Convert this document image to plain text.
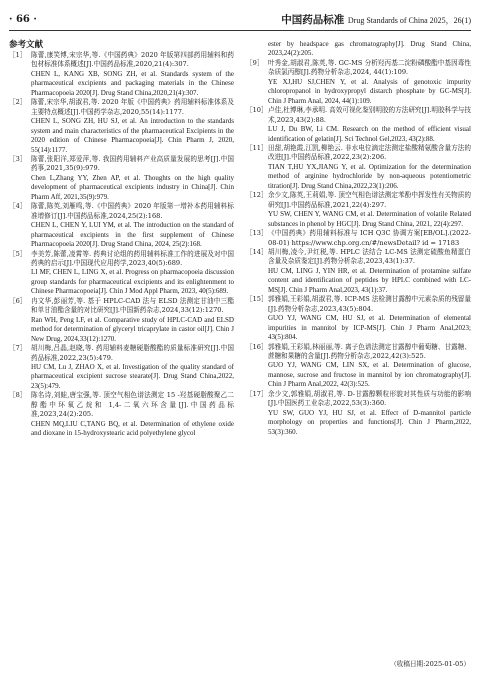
· 66 ·	中国药品标准 Drug Standards of China 2025，26(1)
参考文献
［1］ 陈蕾,康笑博,宋宗华,等.《中国药典》2020 年版第四部药用辅料和药包材标准体系概述[J].中国药品标准,2020,21(4):307.
CHEN L, KANG XB, SONG ZH, et al. Standards system of the pharmaceutical excipients and packaging materials in the Chinese Pharmacopoeia 2020[J]. Drug Stand China,2020,21(4):307.
［2］ 陈蕾,宋宗华,胡淑君,等. 2020 年版《中国药典》药用辅料标准体系及主要特点概述[J].中国药学杂志,2020,55(14):1177.
CHEN L, SONG ZH, HU SJ, et al. An introduction to the standards system and main characteristics of the pharmaceutical Excipients in the 2020 edition of Chinese Pharmacopoeia[J]. Chin Pharm J, 2020, 55(14):1177.
［3］ 陈蕾,张阳洋,郑爱萍,等. 我国药用辅料产业高质量发展的思考[J].中国药事,2021,35(9):979.
Chen L,Zhang YY, Zhen AP, et al. Thoughts on the high quality development of pharmaceutical excipients industry in China[J]. Chin Pharm Aff, 2021,35(9):979.
［4］ 陈蕾,陈英,刘雁鸣,等.《中国药典》2020 年版第一增补本药用辅料标准增修订[J].中国药品标准,2024,25(2):168.
CHEN L, CHEN Y, LUI YM, et al. The introduction on the standard of pharmaceutical excipients in the first supplement of Chinese Pharmacopoeia 2020[J]. Drug Stand China, 2024, 25(2):168.
［5］ 李美芳,陈蕾,凌霄等. 药典讨论组的药用辅料标准工作的进展及对中国药典的启示[J].中国现代应用药学,2023,40(5):689.
LI MF, CHEN L, LING X, et al. Progress on pharmacopoeia discussion group standards for pharmaceutical excipients and its enlightenment to Chinese Pharmacopoeia[J]. Chin J Mod Appl Pharm, 2023, 40(5):689.
［6］ 冉文华,彭丽芳,等. 基于 HPLC-CAD 法与 ELSD 法测定甘油中三酯和单甘油酯含量的对比研究[J].中国新药杂志,2024,33(12):1270.
Ran WH, Peng LF, et al. Comparative study of HPLC-CAD and ELSD method for determination of glyceryl tricaprylate in castor oil[J]. Chin J New Drug, 2024,33(12):1270.
［7］ 胡川梅,吕晶,赵晓,等. 药用辅料麦糖硬脂酸酯的质量标准研究[J].中国药品标准,2022,23(5):479.
HU CM, Lu J, ZHAO X, et al. Investigation of the quality standard of pharmaceutical excipient sucrose stearate[J]. Drug Stand China,2022, 23(5):479.
［8］ 陈名诗,刘蛙,唐宝强,等. 顶空气相色谱法测定 15 -羟基硬脂酸聚乙二醇酯中环氧乙烷和 1,4-二氧六环含量[J].中国药品标准,2023,24(2):205.
CHEN MQ,LIU C,TANG BQ, et al. Determination of ethylene oxide and dioxane in 15-hydroxystearic acid polyethylene glycol
ester by headspace gas chromatography[J]. Drug Stand China, 2023,24(2):205.
［9］ 叶秀金,胡淑君,陈英,等. GC-MS 分析羟丙基二淀粉磷酸酯中基因毒性杂质氯丙醇[J].药物分析杂志,2024, 44(1):109.
YE XJ,HU SJ,CHEN Y, et al. Analysis of genotoxic impurity chloropropanol in hydroxypropyl distarch phosphate by GC-MS[J]. Chin J Pharm Anal, 2024, 44(1):109.
［10］ 卢佳,杜博琳,李承明. 高效可视化鉴别明胶的方法研究[J].明胶科学与技术,2023,43(2):88.
LU J, Du BW, Li CM. Research on the method of efficient visual identification of gelatin[J]. Sci Technol Gel,2023, 43(2):88.
［11］ 田甜,胡艳霞,江凯,柳艳云. 非水电位滴定法测定盐酸精氨酸含量方法的改进[J].中国药品标准,2022,23(2):206.
TIAN T,HU YX,JIANG Y, et al. Optimization for the determination method of arginine hydrochloride by non-aqueous potentiometric titration[J]. Drug Stand China,2022,23(1):206.
［12］ 余少文,陈英,王莉娟,等. 顶空气相色谱法测定苯酚中挥发性有关物质的研究[J].中国药品标准,2021,22(4):297.
YU SW, CHEN Y, WANG CM, et al. Determination of volatile Related substances in phenol by HGC[J]. Drug Stand China, 2021, 22(4):297.
［13］ 《中国药典》药用辅料标准与 ICH Q3C 协调方案[EB/OL].(2022-08-01) https://www.chp.org.cn/#/newsDetail? id = 17183
［14］ 胡川梅,凌今,尹红税,等. HPLC 法结合 LC-MS 法测定硫酸鱼精蛋白含量及杂质鉴定[J].药物分析杂志,2023,43(1):37.
HU CM, LING J, YIN HR, et al. Determination of protamine sulfate content and identification of peptides by HPLC combined with LC-MS[J]. Chin J Pharm Anal,2023, 43(1):37.
［15］ 郭雅娟,王彩娟,胡淑君,等. ICP-MS 法检测甘露醇中元素杂质的残留量[J].药物分析杂志,2023,43(5):804.
GUO YJ, WANG CM, HU SJ, et al. Determination of elemental impurities in mannitol by ICP-MS[J]. Chin J Pharm Anal,2023; 43(5):804.
［16］ 郭雅娟,王彩娟,林丽丽,等. 离子色谱法测定甘露醇中葡萄糖、甘露糖、蔗糖和果糖的含量[J].药物分析杂志,2022,42(3):525.
GUO YJ, WANG CM, LIN SX, et al. Determination of glucose, mannose, sucrose and fructose in mannitol by ion chromatography[J]. Chin J Pharm Anal,2022, 42(3):525.
［17］ 余少文,郭雅娟,胡淑君,等. D-甘露醇颗粒形貌对其性质与功能的影响[J].中国医药工业杂志,2022,53(3):360.
YU SW, GUO YJ, HU SJ, et al. Effect of D-mannitol particle morphology on properties and functions[J]. Chin J Pharm,2022, 53(3):360.
（收稿日期:2025-01-05）
